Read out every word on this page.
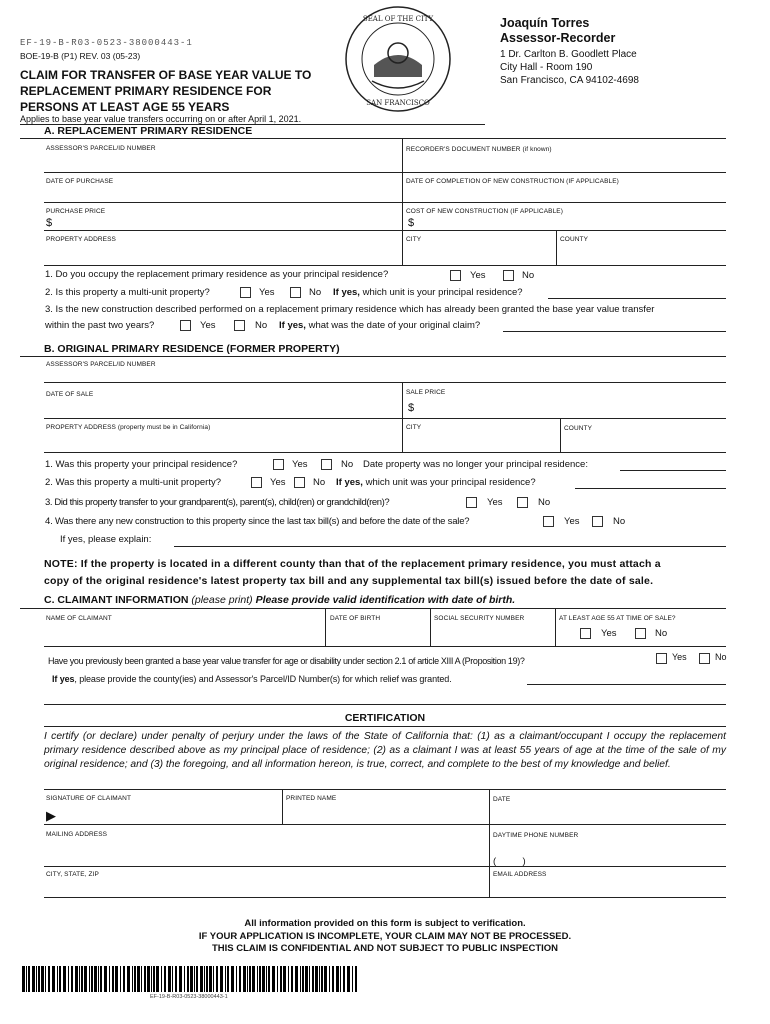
EF-19-B-R03-0523-38000443-1
BOE-19-B (P1) REV. 03 (05-23)
CLAIM FOR TRANSFER OF BASE YEAR VALUE TO
REPLACEMENT PRIMARY RESIDENCE FOR
PERSONS AT LEAST AGE 55 YEARS
Applies to base year value transfers occurring on or after April 1, 2021.
SEAL OF THE CITY
SAN FRANCISCO
Joaquín Torres
Assessor-Recorder
1 Dr. Carlton B. Goodlett Place
City Hall - Room 190
San Francisco, CA 94102-4698
A. REPLACEMENT PRIMARY RESIDENCE
ASSESSOR'S PARCEL/ID NUMBER	RECORDER'S DOCUMENT NUMBER (if known)
DATE OF PURCHASE	DATE OF COMPLETION OF NEW CONSTRUCTION (IF APPLICABLE)
PURCHASE PRICE	COST OF NEW CONSTRUCTION (IF APPLICABLE)
$	$
PROPERTY ADDRESS	CITY	COUNTY
1. Do you occupy the replacement primary residence as your principal residence?	Yes	No
2. Is this property a multi-unit property?	Yes	No If yes, which unit is your principal residence?
3. Is the new construction described performed on a replacement primary residence which has already been granted the base year value transfer
within the past two years?	Yes	No If yes, what was the date of your original claim?
B. ORIGINAL PRIMARY RESIDENCE (FORMER PROPERTY)
ASSESSOR'S PARCEL/ID NUMBER
DATE OF SALE	SALE PRICE
$
PROPERTY ADDRESS (property must be in California)	CITY	COUNTY
1. Was this property your principal residence?	Yes	No Date property was no longer your principal residence:
2. Was this property a multi-unit property?	Yes	No If yes, which unit was your principal residence?
3. Did this property transfer to your grandparent(s), parent(s), child(ren) or grandchild(ren)?	Yes	No
4. Was there any new construction to this property since the last tax bill(s) and before the date of the sale?	Yes	No
If yes, please explain:
NOTE: If the property is located in a different county than that of the replacement primary residence, you must attach a
copy of the original residence's latest property tax bill and any supplemental tax bill(s) issued before the date of sale.
C. CLAIMANT INFORMATION (please print) Please provide valid identification with date of birth.
NAME OF CLAIMANT	DATE OF BIRTH	SOCIAL SECURITY NUMBER	AT LEAST AGE 55 AT TIME OF SALE?
Yes	No
Have you previously been granted a base year value transfer for age or disability under section 2.1 of article XIII A (Proposition 19)?	Yes	No
If yes, please provide the county(ies) and Assessor's Parcel/ID Number(s) for which relief was granted.
CERTIFICATION
I certify (or declare) under penalty of perjury under the laws of the State of California that: (1) as a claimant/occupant I occupy the replacement primary residence described above as my principal place of residence; (2) as a claimant I was at least 55 years of age at the time of the sale of my original residence; and (3) the foregoing, and all information hereon, is true, correct, and complete to the best of my knowledge and belief.
SIGNATURE OF CLAIMANT	PRINTED NAME	DATE
▶
MAILING ADDRESS	DAYTIME PHONE NUMBER
(          )
CITY, STATE, ZIP	EMAIL ADDRESS
All information provided on this form is subject to verification.
IF YOUR APPLICATION IS INCOMPLETE, YOUR CLAIM MAY NOT BE PROCESSED.
THIS CLAIM IS CONFIDENTIAL AND NOT SUBJECT TO PUBLIC INSPECTION
EF-19-B-R03-0523-38000443-1
